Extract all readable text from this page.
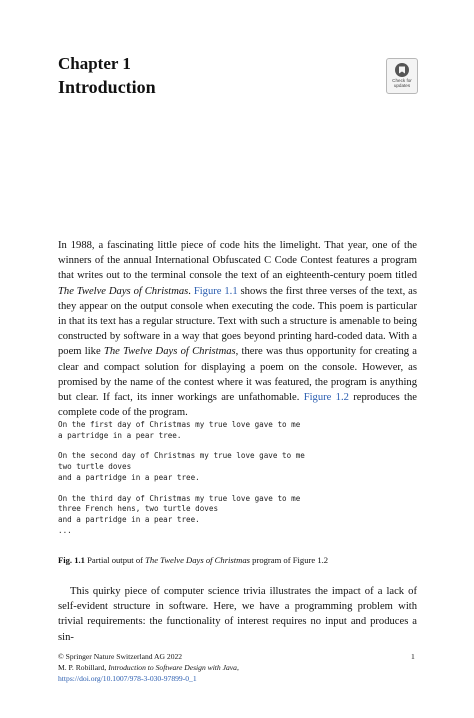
Chapter 1
Introduction	Check for
updates
In 1988, a fascinating little piece of code hits the limelight. That year, one of the winners of the annual International Obfuscated C Code Contest features a program that writes out to the terminal console the text of an eighteenth-century poem titled The Twelve Days of Christmas. Figure 1.1 shows the first three verses of the text, as they appear on the output console when executing the code. This poem is particular in that its text has a regular structure. Text with such a structure is amenable to being constructed by software in a way that goes beyond printing hard-coded data. With a poem like The Twelve Days of Christmas, there was thus opportunity for creating a clear and compact solution for displaying a poem on the console. However, as promised by the name of the contest where it was featured, the program is anything but clear. If fact, its inner workings are unfathomable. Figure 1.2 reproduces the complete code of the program.
On the first day of Christmas my true love gave to me
a partridge in a pear tree.
On the second day of Christmas my true love gave to me
two turtle doves
and a partridge in a pear tree.
On the third day of Christmas my true love gave to me
three French hens, two turtle doves
and a partridge in a pear tree.
...
Fig. 1.1 Partial output of The Twelve Days of Christmas program of Figure 1.2
This quirky piece of computer science trivia illustrates the impact of a lack of self-evident structure in software. Here, we have a programming problem with trivial requirements: the functionality of interest requires no input and produces a sin-
© Springer Nature Switzerland AG 2022
M. P. Robillard, Introduction to Software Design with Java,
https://doi.org/10.1007/978-3-030-97899-0_1
1
